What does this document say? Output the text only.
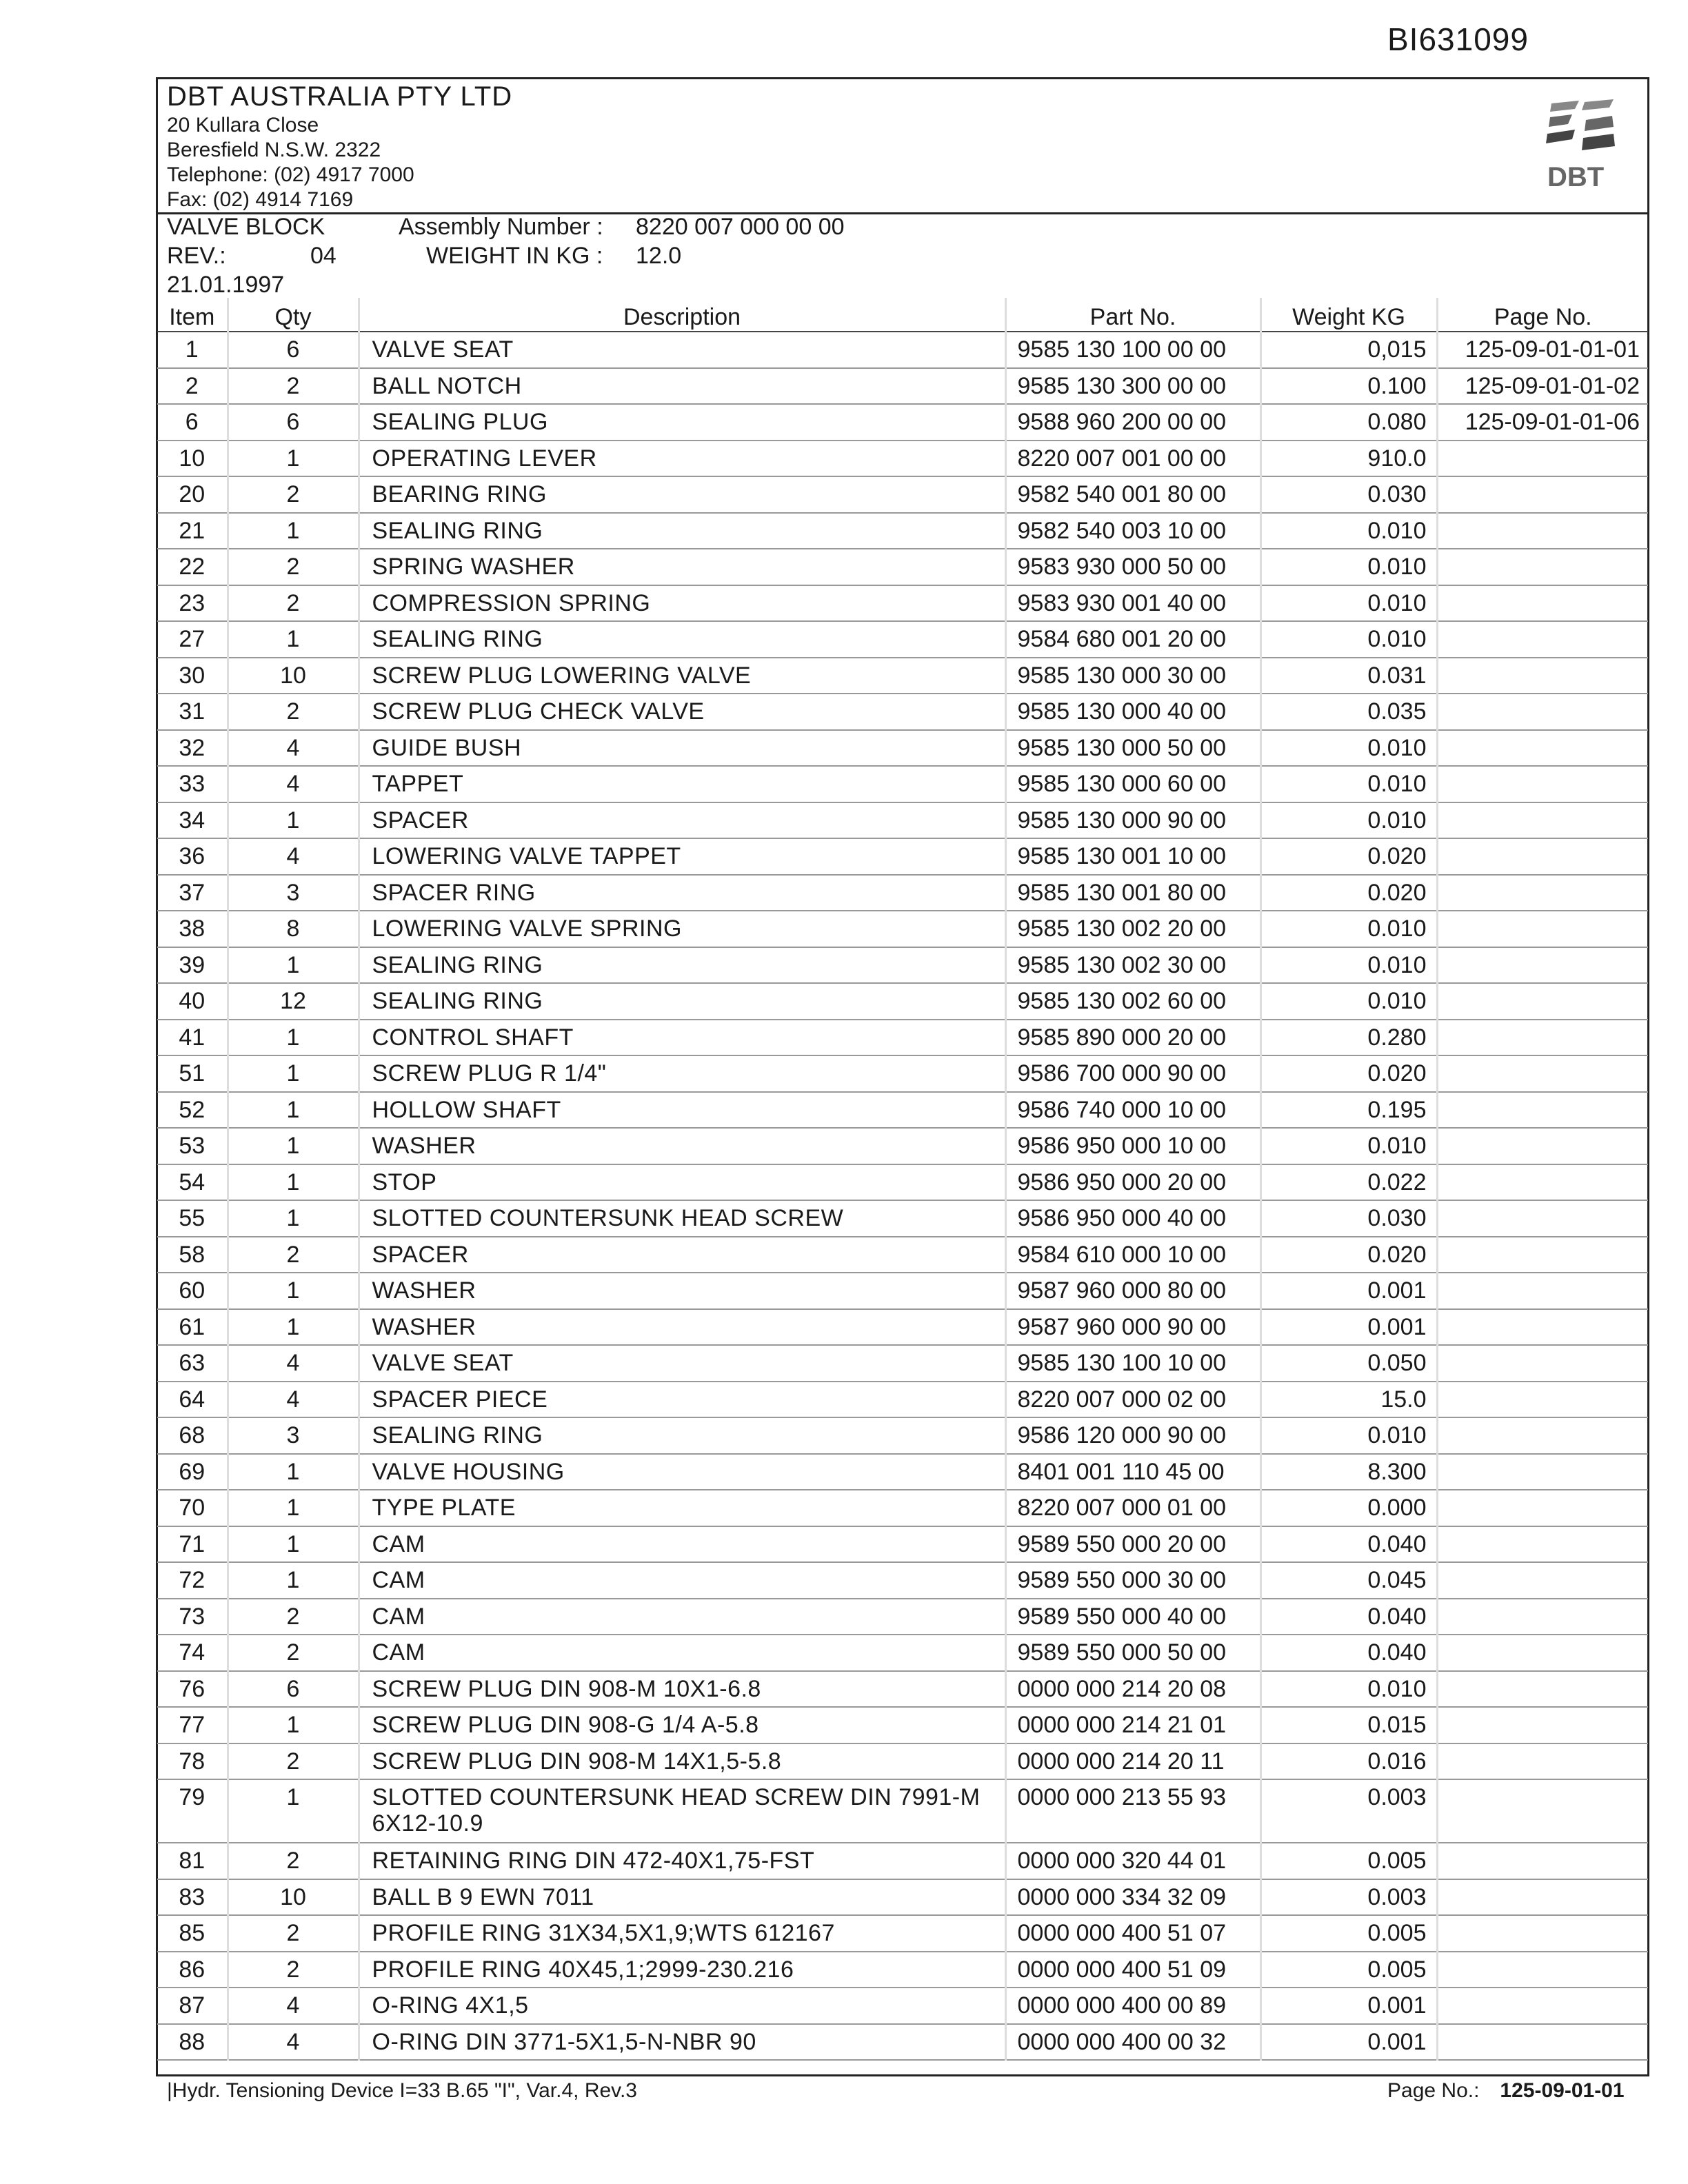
BI631099
DBT AUSTRALIA PTY LTD
20 Kullara Close
Beresfield N.S.W. 2322
Telephone: (02) 4917 7000
Fax: (02) 4914 7169
DBT
VALVE BLOCK	Assembly Number : 8220 007 000 00 00
REV.:	04	WEIGHT IN KG : 12.0
21.01.1997
Item	Qty	Description	Part No.	Weight KG	Page No.
1	6	VALVE SEAT	9585 130 100 00 00	0,015	125-09-01-01-01
2	2	BALL NOTCH	9585 130 300 00 00	0.100	125-09-01-01-02
6	6	SEALING PLUG	9588 960 200 00 00	0.080	125-09-01-01-06
10	1	OPERATING LEVER	8220 007 001 00 00	910.0	
20	2	BEARING RING	9582 540 001 80 00	0.030	
21	1	SEALING RING	9582 540 003 10 00	0.010	
22	2	SPRING WASHER	9583 930 000 50 00	0.010	
23	2	COMPRESSION SPRING	9583 930 001 40 00	0.010	
27	1	SEALING RING	9584 680 001 20 00	0.010	
30	10	SCREW PLUG LOWERING VALVE	9585 130 000 30 00	0.031	
31	2	SCREW PLUG CHECK VALVE	9585 130 000 40 00	0.035	
32	4	GUIDE BUSH	9585 130 000 50 00	0.010	
33	4	TAPPET	9585 130 000 60 00	0.010	
34	1	SPACER	9585 130 000 90 00	0.010	
36	4	LOWERING VALVE TAPPET	9585 130 001 10 00	0.020	
37	3	SPACER RING	9585 130 001 80 00	0.020	
38	8	LOWERING VALVE SPRING	9585 130 002 20 00	0.010	
39	1	SEALING RING	9585 130 002 30 00	0.010	
40	12	SEALING RING	9585 130 002 60 00	0.010	
41	1	CONTROL SHAFT	9585 890 000 20 00	0.280	
51	1	SCREW PLUG R 1/4"	9586 700 000 90 00	0.020	
52	1	HOLLOW SHAFT	9586 740 000 10 00	0.195	
53	1	WASHER	9586 950 000 10 00	0.010	
54	1	STOP	9586 950 000 20 00	0.022	
55	1	SLOTTED COUNTERSUNK HEAD SCREW	9586 950 000 40 00	0.030	
58	2	SPACER	9584 610 000 10 00	0.020	
60	1	WASHER	9587 960 000 80 00	0.001	
61	1	WASHER	9587 960 000 90 00	0.001	
63	4	VALVE SEAT	9585 130 100 10 00	0.050	
64	4	SPACER PIECE	8220 007 000 02 00	15.0	
68	3	SEALING RING	9586 120 000 90 00	0.010	
69	1	VALVE HOUSING	8401 001 110 45 00	8.300	
70	1	TYPE PLATE	8220 007 000 01 00	0.000	
71	1	CAM	9589 550 000 20 00	0.040	
72	1	CAM	9589 550 000 30 00	0.045	
73	2	CAM	9589 550 000 40 00	0.040	
74	2	CAM	9589 550 000 50 00	0.040	
76	6	SCREW PLUG DIN 908-M 10X1-6.8	0000 000 214 20 08	0.010	
77	1	SCREW PLUG DIN 908-G 1/4 A-5.8	0000 000 214 21 01	0.015	
78	2	SCREW PLUG DIN 908-M 14X1,5-5.8	0000 000 214 20 11	0.016	
79	1	SLOTTED COUNTERSUNK HEAD SCREW DIN 7991-M 6X12-10.9	0000 000 213 55 93	0.003	
81	2	RETAINING RING DIN 472-40X1,75-FST	0000 000 320 44 01	0.005	
83	10	BALL B 9 EWN 7011	0000 000 334 32 09	0.003	
85	2	PROFILE RING 31X34,5X1,9;WTS 612167	0000 000 400 51 07	0.005	
86	2	PROFILE RING 40X45,1;2999-230.216	0000 000 400 51 09	0.005	
87	4	O-RING 4X1,5	0000 000 400 00 89	0.001	
88	4	O-RING DIN 3771-5X1,5-N-NBR 90	0000 000 400 00 32	0.001	
|Hydr. Tensioning Device I=33 B.65 "I", Var.4, Rev.3	Page No.: 125-09-01-01
